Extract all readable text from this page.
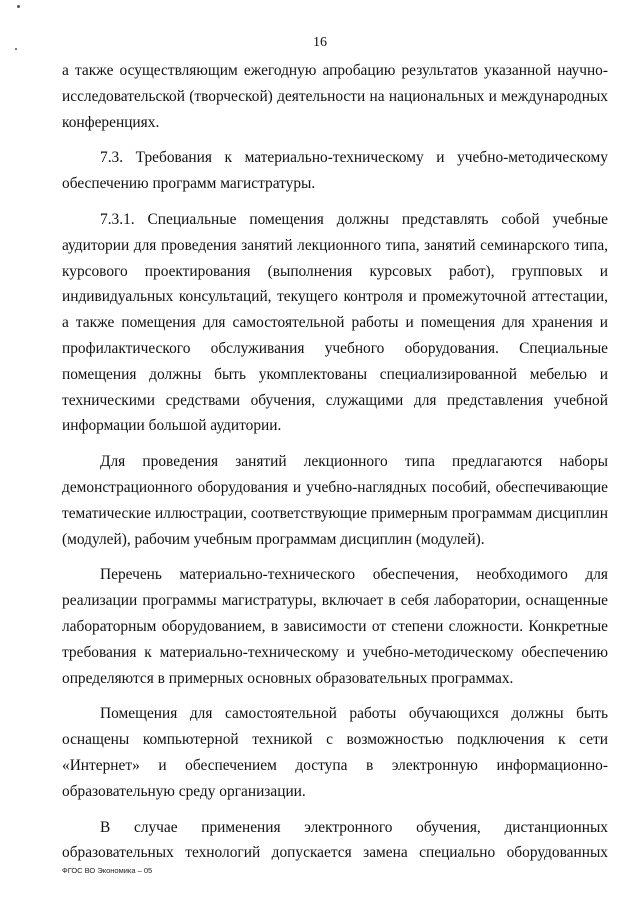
16

а также осуществляющим ежегодную апробацию результатов указанной научно-исследовательской (творческой) деятельности на национальных и международных конференциях.

7.3. Требования к материально-техническому и учебно-методическому обеспечению программ магистратуры.

7.3.1. Специальные помещения должны представлять собой учебные аудитории для проведения занятий лекционного типа, занятий семинарского типа, курсового проектирования (выполнения курсовых работ), групповых и индивидуальных консультаций, текущего контроля и промежуточной аттестации, а также помещения для самостоятельной работы и помещения для хранения и профилактического обслуживания учебного оборудования. Специальные помещения должны быть укомплектованы специализированной мебелью и техническими средствами обучения, служащими для представления учебной информации большой аудитории.

Для проведения занятий лекционного типа предлагаются наборы демонстрационного оборудования и учебно-наглядных пособий, обеспечивающие тематические иллюстрации, соответствующие примерным программам дисциплин (модулей), рабочим учебным программам дисциплин (модулей).

Перечень материально-технического обеспечения, необходимого для реализации программы магистратуры, включает в себя лаборатории, оснащенные лабораторным оборудованием, в зависимости от степени сложности. Конкретные требования к материально-техническому и учебно-методическому обеспечению определяются в примерных основных образовательных программах.

Помещения для самостоятельной работы обучающихся должны быть оснащены компьютерной техникой с возможностью подключения к сети «Интернет» и обеспечением доступа в электронную информационно-образовательную среду организации.

В случае применения электронного обучения, дистанционных образовательных технологий допускается замена специально оборудованных

ФГОС ВО Экономика – 05
